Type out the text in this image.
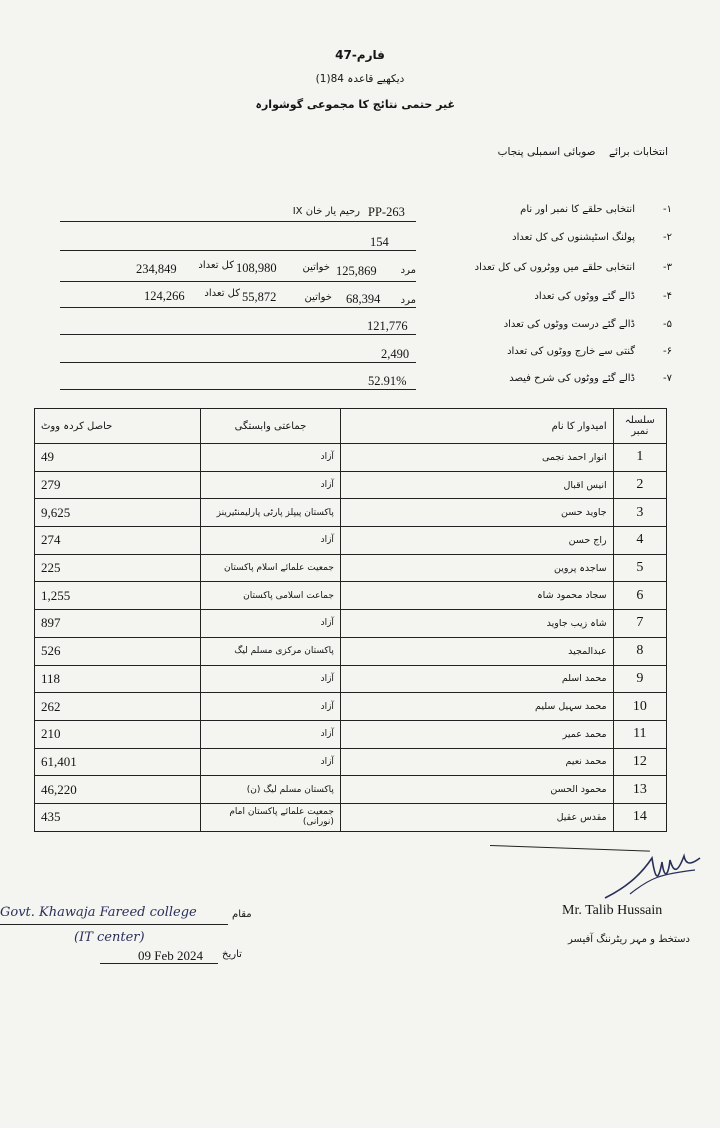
فارم-47
دیکھیے قاعدہ 84(1)
غیر حتمی نتائج کا مجموعی گوشوارہ
انتخابات برائے    صوبائی اسمبلی پنجاب
انتخابی حلقے کا نمبر اور نام	-۱
PP-263
رحیم یار خان IX
پولنگ اسٹیشنوں کی کل تعداد	-۲
154
انتخابی حلقے میں ووٹروں کی کل تعداد	-۳
مرد
125,869
خواتین
108,980
کل تعداد
234,849
ڈالے گئے ووٹوں کی تعداد	-۴
مرد
68,394
خواتین
55,872
کل تعداد
124,266
ڈالے گئے درست ووٹوں کی تعداد	-۵
121,776
گنتی سے خارج ووٹوں کی تعداد	-۶
2,490
ڈالے گئے ووٹوں کی شرح فیصد	-۷
52.91%
حاصل کردہ ووٹ	جماعتی وابستگی	امیدوار کا نام	سلسلہ نمبر
49	آزاد	انوار احمد نجمی	1
279	آزاد	انیس اقبال	2
9,625	پاکستان پیپلز پارٹی پارلیمنٹیرینز	جاوید حسن	3
274	آزاد	راج حسن	4
225	جمعیت علمائے اسلام پاکستان	ساجدہ پروین	5
1,255	جماعت اسلامی پاکستان	سجاد محمود شاہ	6
897	آزاد	شاہ زیب جاوید	7
526	پاکستان مرکزی مسلم لیگ	عبدالمجید	8
118	آزاد	محمد اسلم	9
262	آزاد	محمد سہیل سلیم	10
210	آزاد	محمد عمیر	11
61,401	آزاد	محمد نعیم	12
46,220	پاکستان مسلم لیگ (ن)	محمود الحسن	13
435	جمعیت علمائے پاکستان امام (نورانی)	مقدس عقیل	14
Mr. Talib Hussain
دستخط و مہر ریٹرننگ آفیسر
Govt. Khawaja Fareed college	مقام
(IT center)
09 Feb 2024 تاریخ
